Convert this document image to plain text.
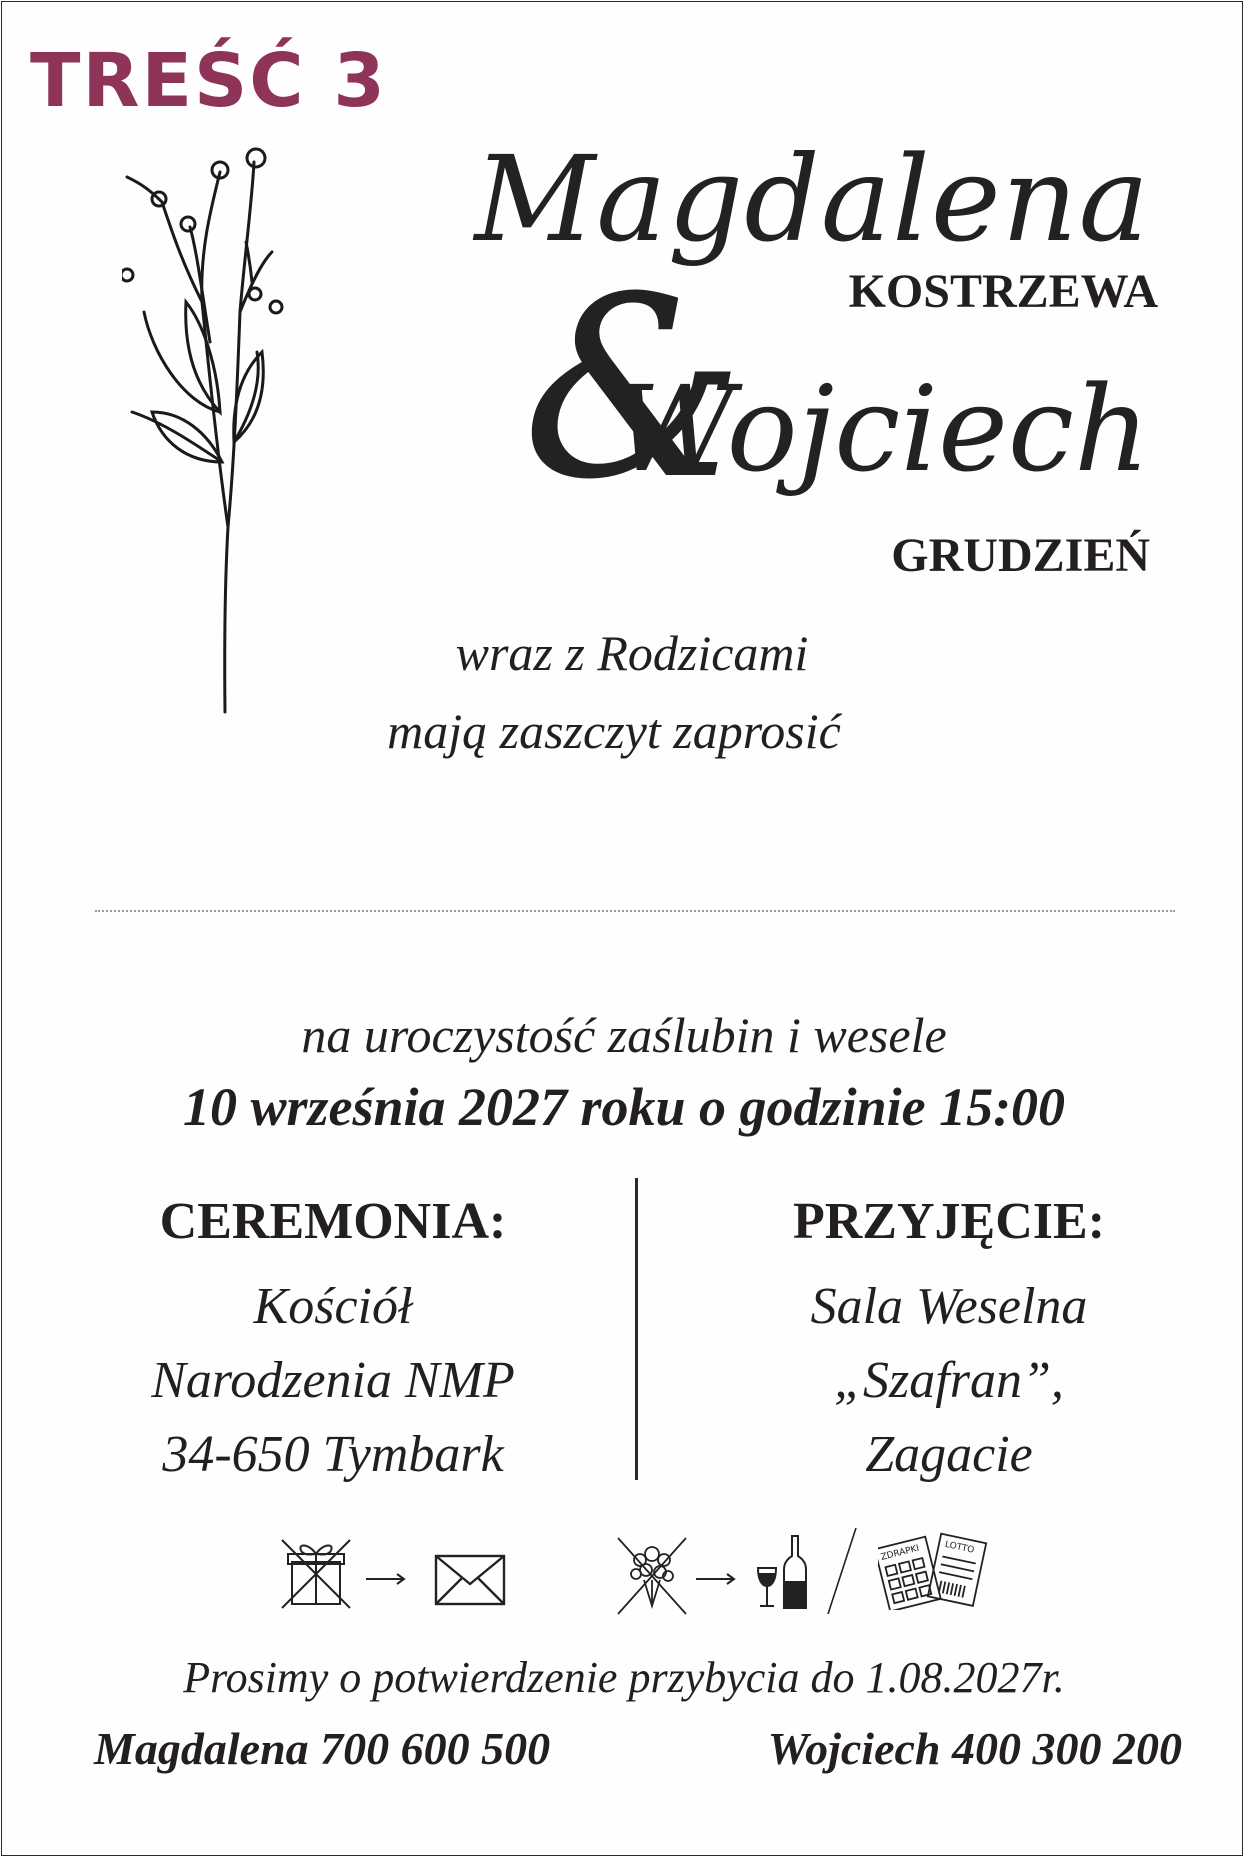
TREŚĆ 3
Magdalena
KOSTRZEWA
&
Wojciech
GRUDZIEŃ
wraz z Rodzicami
mają zaszczyt zaprosić
na uroczystość zaślubin i wesele
10 września 2027 roku o godzinie 15:00
CEREMONIA:
Kościół
Narodzenia NMP
34-650 Tymbark
PRZYJĘCIE:
Sala Weselna
„Szafran”,
Zagacie
ZDRAPKI	LOTTO
Prosimy o potwierdzenie przybycia do 1.08.2027r.
Magdalena 700 600 500	Wojciech 400 300 200
